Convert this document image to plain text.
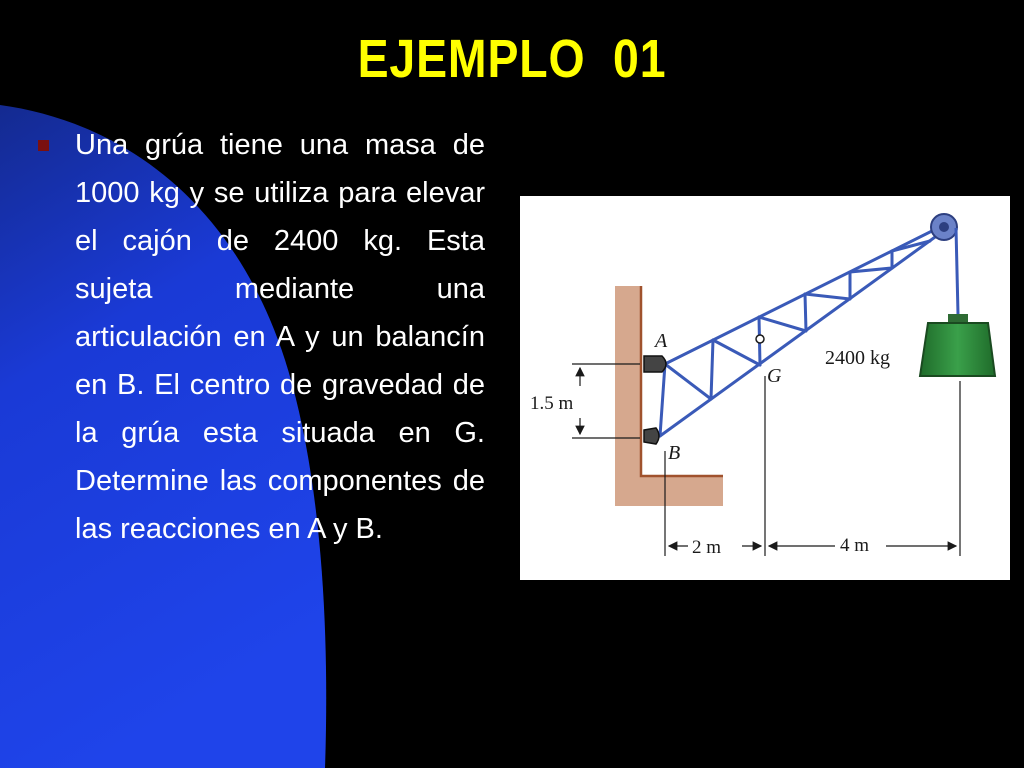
EJEMPLO  01

Una grúa tiene una masa de 1000 kg y se utiliza para elevar el cajón de 2400 kg. Esta sujeta mediante una articulación en A y un balancín en B. El centro de gravedad de la grúa esta situada en G. Determine las componentes de las reacciones en A y B.

A
B
G
2400 kg
1.5 m
2 m	4 m
